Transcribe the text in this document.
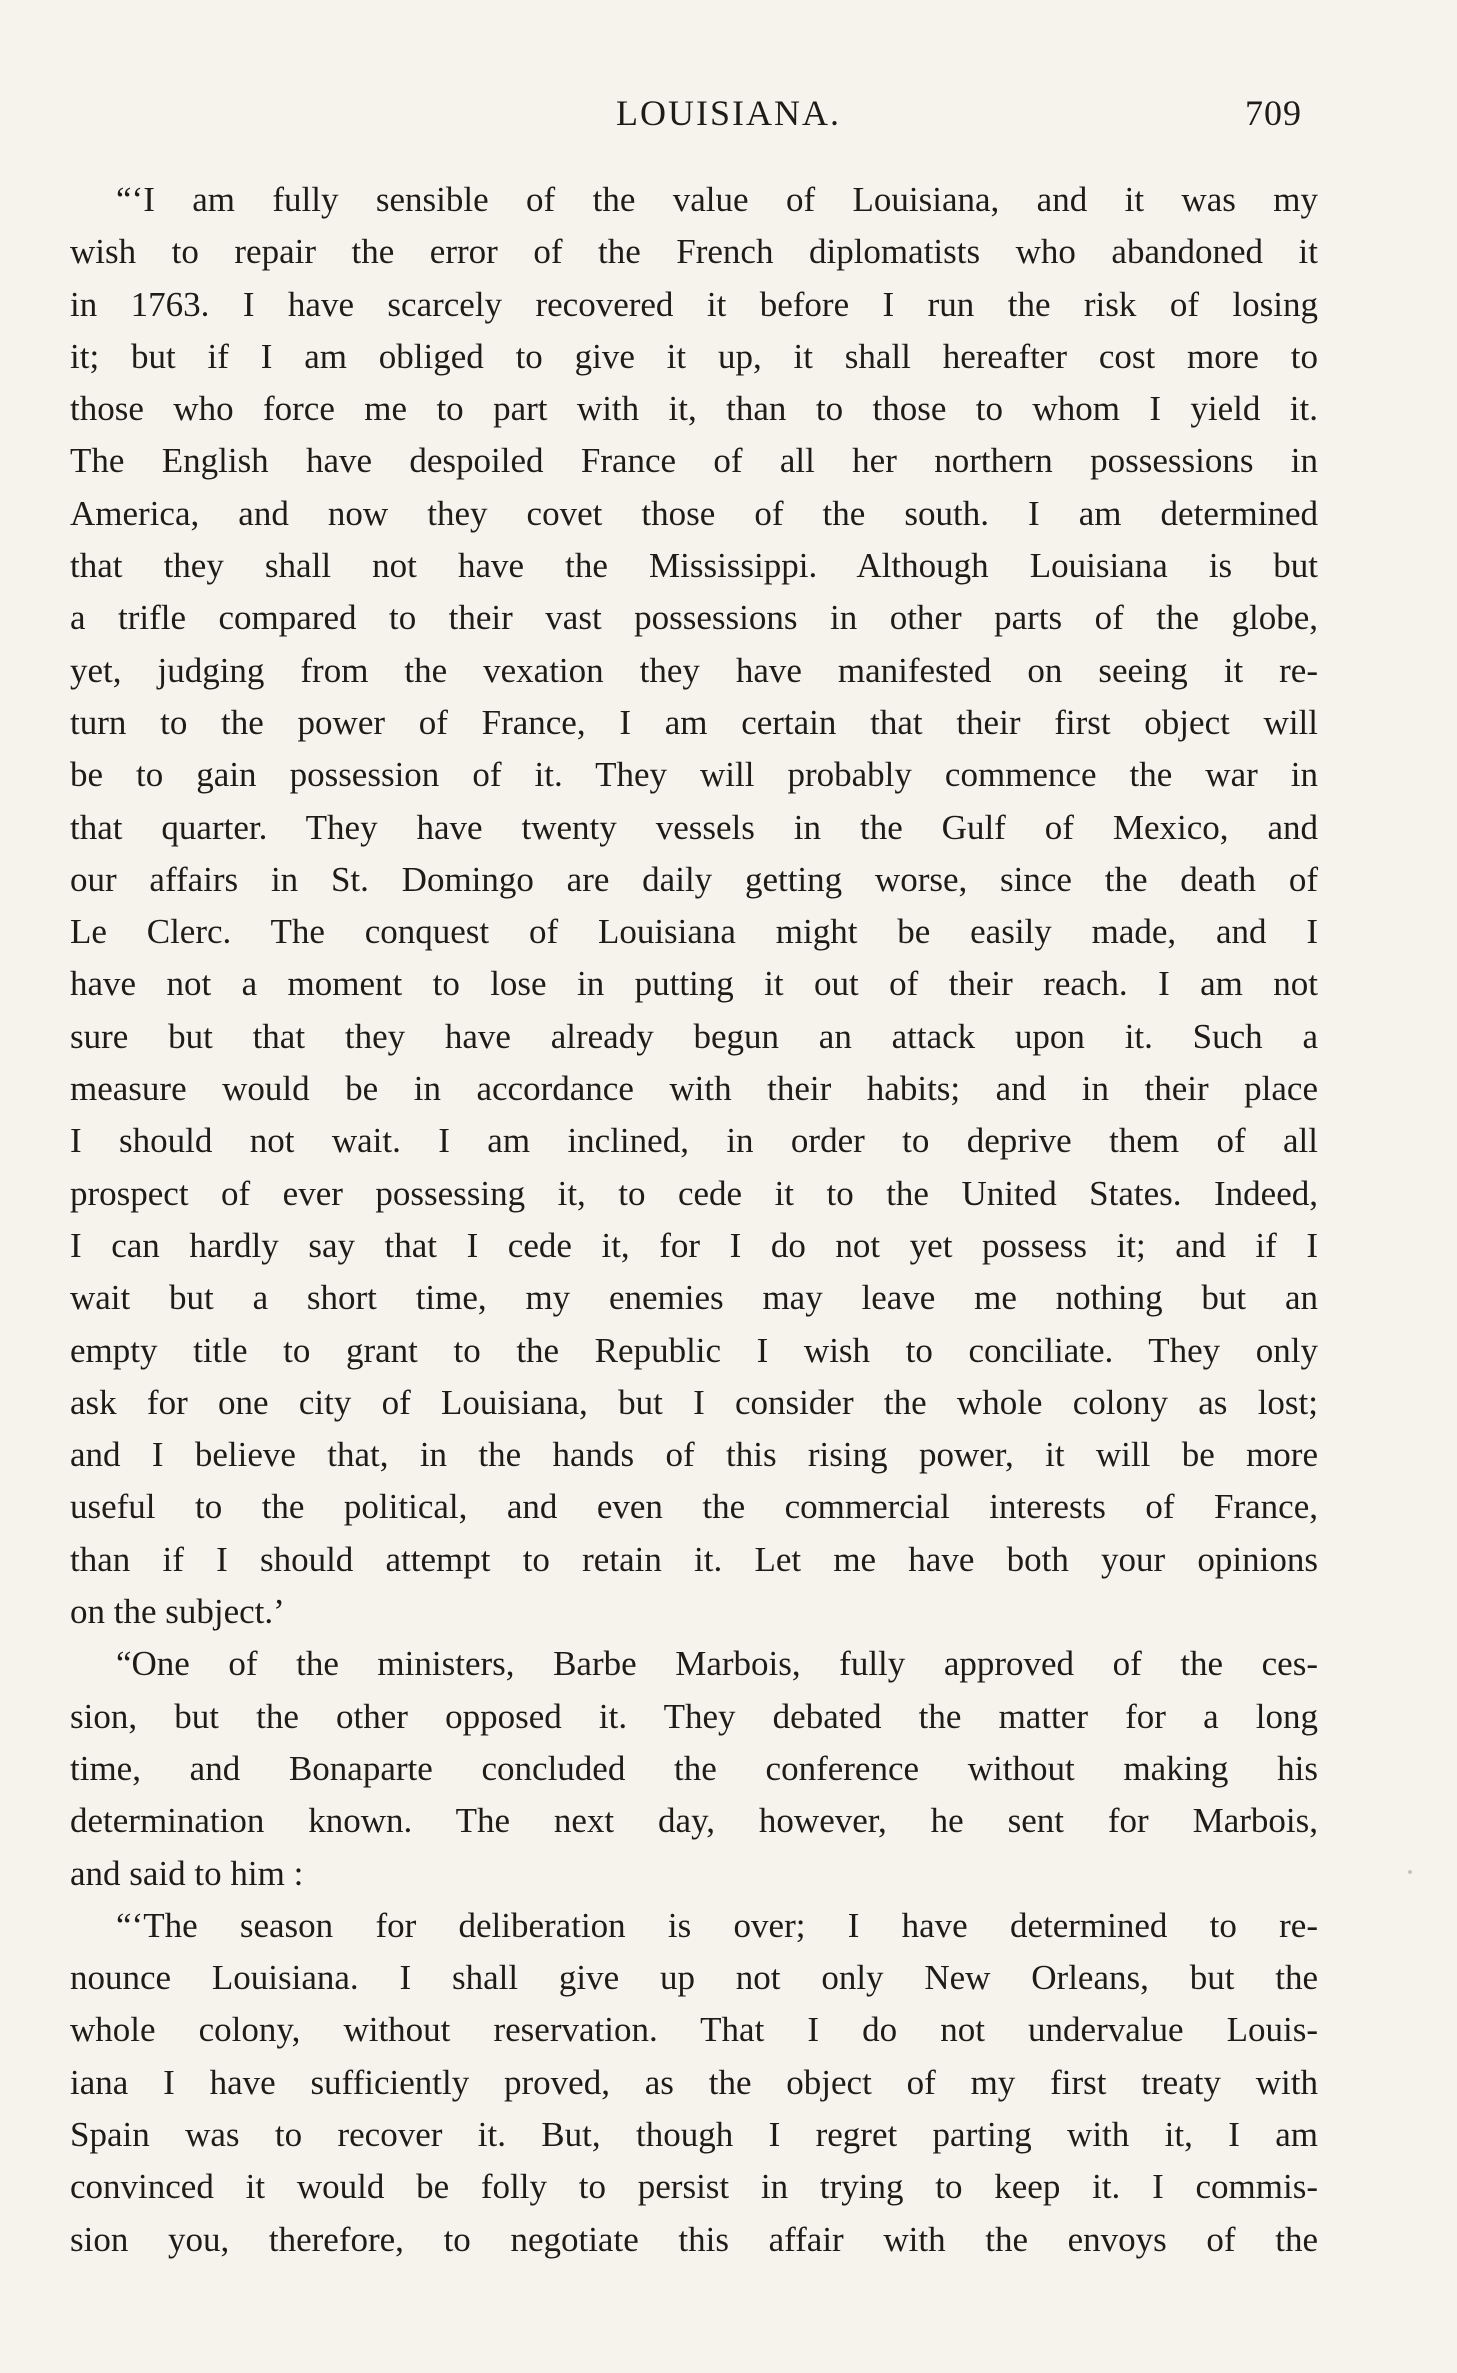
LOUISIANA.	709
“‘I am fully sensible of the value of Louisiana, and it was my
wish to repair the error of the French diplomatists who abandoned it
in 1763. I have scarcely recovered it before I run the risk of losing
it; but if I am obliged to give it up, it shall hereafter cost more to
those who force me to part with it, than to those to whom I yield it.
The English have despoiled France of all her northern possessions in
America, and now they covet those of the south. I am determined
that they shall not have the Mississippi. Although Louisiana is but
a trifle compared to their vast possessions in other parts of the globe,
yet, judging from the vexation they have manifested on seeing it re-
turn to the power of France, I am certain that their first object will
be to gain possession of it. They will probably commence the war in
that quarter. They have twenty vessels in the Gulf of Mexico, and
our affairs in St. Domingo are daily getting worse, since the death of
Le Clerc. The conquest of Louisiana might be easily made, and I
have not a moment to lose in putting it out of their reach. I am not
sure but that they have already begun an attack upon it. Such a
measure would be in accordance with their habits; and in their place
I should not wait. I am inclined, in order to deprive them of all
prospect of ever possessing it, to cede it to the United States. Indeed,
I can hardly say that I cede it, for I do not yet possess it; and if I
wait but a short time, my enemies may leave me nothing but an
empty title to grant to the Republic I wish to conciliate. They only
ask for one city of Louisiana, but I consider the whole colony as lost;
and I believe that, in the hands of this rising power, it will be more
useful to the political, and even the commercial interests of France,
than if I should attempt to retain it. Let me have both your opinions
on the subject.’
“One of the ministers, Barbe Marbois, fully approved of the ces-
sion, but the other opposed it. They debated the matter for a long
time, and Bonaparte concluded the conference without making his
determination known. The next day, however, he sent for Marbois,
and said to him :
“‘The season for deliberation is over; I have determined to re-
nounce Louisiana. I shall give up not only New Orleans, but the
whole colony, without reservation. That I do not undervalue Louis-
iana I have sufficiently proved, as the object of my first treaty with
Spain was to recover it. But, though I regret parting with it, I am
convinced it would be folly to persist in trying to keep it. I commis-
sion you, therefore, to negotiate this affair with the envoys of the
